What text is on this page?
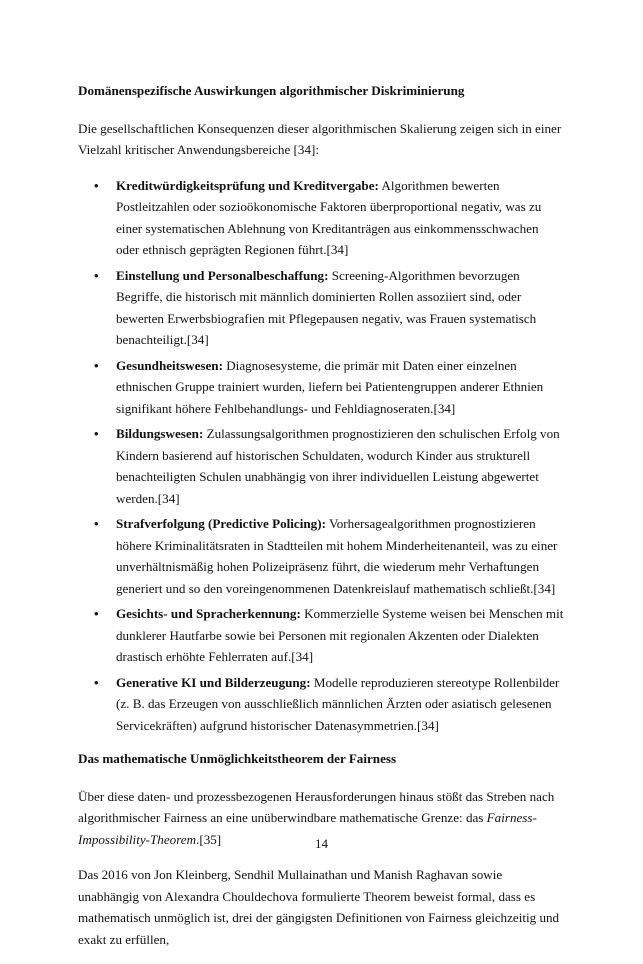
Domänenspezifische Auswirkungen algorithmischer Diskriminierung
Die gesellschaftlichen Konsequenzen dieser algorithmischen Skalierung zeigen sich in einer Vielzahl kritischer Anwendungsbereiche [34]:
• Kreditwürdigkeitsprüfung und Kreditvergabe: Algorithmen bewerten Postleitzahlen oder sozioökonomische Faktoren überproportional negativ, was zu einer systematischen Ablehnung von Kreditanträgen aus einkommensschwachen oder ethnisch geprägten Regionen führt.[34]
• Einstellung und Personalbeschaffung: Screening-Algorithmen bevorzugen Begriffe, die historisch mit männlich dominierten Rollen assoziiert sind, oder bewerten Erwerbsbiografien mit Pflegepausen negativ, was Frauen systematisch benachteiligt.[34]
• Gesundheitswesen: Diagnosesysteme, die primär mit Daten einer einzelnen ethnischen Gruppe trainiert wurden, liefern bei Patientengruppen anderer Ethnien signifikant höhere Fehlbehandlungs- und Fehldiagnoseraten.[34]
• Bildungswesen: Zulassungsalgorithmen prognostizieren den schulischen Erfolg von Kindern basierend auf historischen Schuldaten, wodurch Kinder aus strukturell benachteiligten Schulen unabhängig von ihrer individuellen Leistung abgewertet werden.[34]
• Strafverfolgung (Predictive Policing): Vorhersagealgorithmen prognostizieren höhere Kriminalitätsraten in Stadtteilen mit hohem Minderheitenanteil, was zu einer unverhältnismäßig hohen Polizeipräsenz führt, die wiederum mehr Verhaftungen generiert und so den voreingenommenen Datenkreislauf mathematisch schließt.[34]
• Gesichts- und Spracherkennung: Kommerzielle Systeme weisen bei Menschen mit dunklerer Hautfarbe sowie bei Personen mit regionalen Akzenten oder Dialekten drastisch erhöhte Fehlerraten auf.[34]
• Generative KI und Bilderzeugung: Modelle reproduzieren stereotype Rollenbilder (z. B. das Erzeugen von ausschließlich männlichen Ärzten oder asiatisch gelesenen Servicekräften) aufgrund historischer Datenasymmetrien.[34]
Das mathematische Unmöglichkeitstheorem der Fairness
Über diese daten- und prozessbezogenen Herausforderungen hinaus stößt das Streben nach algorithmischer Fairness an eine unüberwindbare mathematische Grenze: das Fairness-Impossibility-Theorem.[35]
Das 2016 von Jon Kleinberg, Sendhil Mullainathan und Manish Raghavan sowie unabhängig von Alexandra Chouldechova formulierte Theorem beweist formal, dass es mathematisch unmöglich ist, drei der gängigsten Definitionen von Fairness gleichzeitig und exakt zu erfüllen,
14
